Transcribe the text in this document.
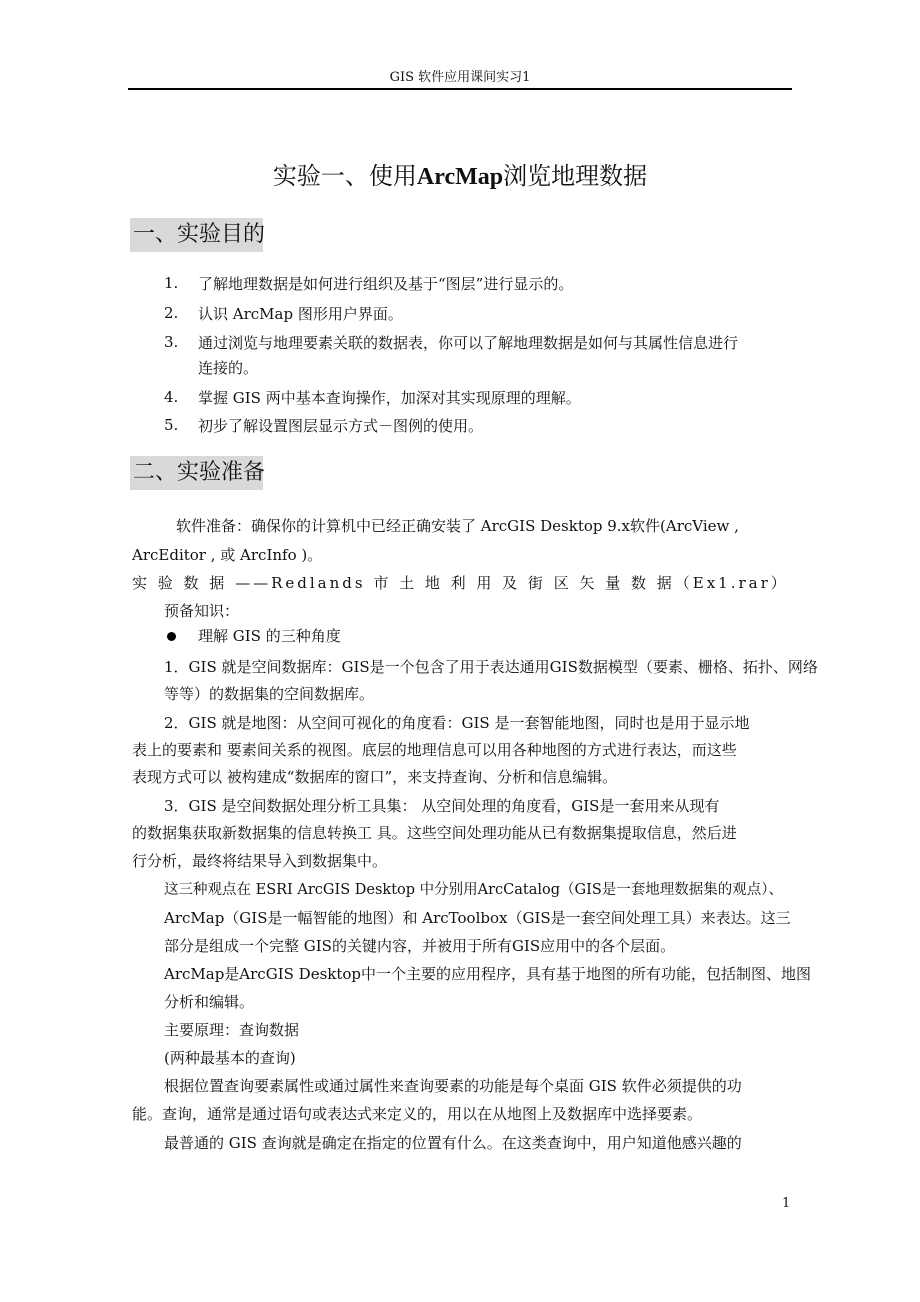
GIS 软件应用课间实习1
实验一、使用ArcMap浏览地理数据
一、实验目的
1. 了解地理数据是如何进行组织及基于“图层”进行显示的。
2. 认识 ArcMap 图形用户界面。
3. 通过浏览与地理要素关联的数据表，你可以了解地理数据是如何与其属性信息进行
连接的。
4. 掌握 GIS 两中基本查询操作，加深对其实现原理的理解。
5. 初步了解设置图层显示方式－图例的使用。
二、实验准备
软件准备：确保你的计算机中已经正确安装了 ArcGIS Desktop 9.x软件(ArcView ,
ArcEditor , 或 ArcInfo )。
实 验 数 据 ——Redlands 市 土 地 利 用 及 街 区 矢 量 数 据（Ex1.rar）
预备知识：
理解 GIS 的三种角度
1．GIS 就是空间数据库：GIS是一个包含了用于表达通用GIS数据模型（要素、栅格、拓扑、网络
等等）的数据集的空间数据库。
2．GIS 就是地图：从空间可视化的角度看：GIS 是一套智能地图，同时也是用于显示地
表上的要素和 要素间关系的视图。底层的地理信息可以用各种地图的方式进行表达，而这些
表现方式可以 被构建成“数据库的窗口”，来支持查询、分析和信息编辑。
3．GIS 是空间数据处理分析工具集： 从空间处理的角度看，GIS是一套用来从现有
的数据集获取新数据集的信息转换工 具。这些空间处理功能从已有数据集提取信息，然后进
行分析，最终将结果导入到数据集中。
这三种观点在 ESRI ArcGIS Desktop 中分别用ArcCatalog（GIS是一套地理数据集的观点）、
ArcMap（GIS是一幅智能的地图）和 ArcToolbox（GIS是一套空间处理工具）来表达。这三
部分是组成一个完整 GIS的关键内容，并被用于所有GIS应用中的各个层面。
ArcMap是ArcGIS Desktop中一个主要的应用程序，具有基于地图的所有功能，包括制图、地图
分析和编辑。
主要原理：查询数据
(两种最基本的查询)
根据位置查询要素属性或通过属性来查询要素的功能是每个桌面 GIS 软件必须提供的功
能。查询，通常是通过语句或表达式来定义的，用以在从地图上及数据库中选择要素。
最普通的 GIS 查询就是确定在指定的位置有什么。在这类查询中，用户知道他感兴趣的
1
